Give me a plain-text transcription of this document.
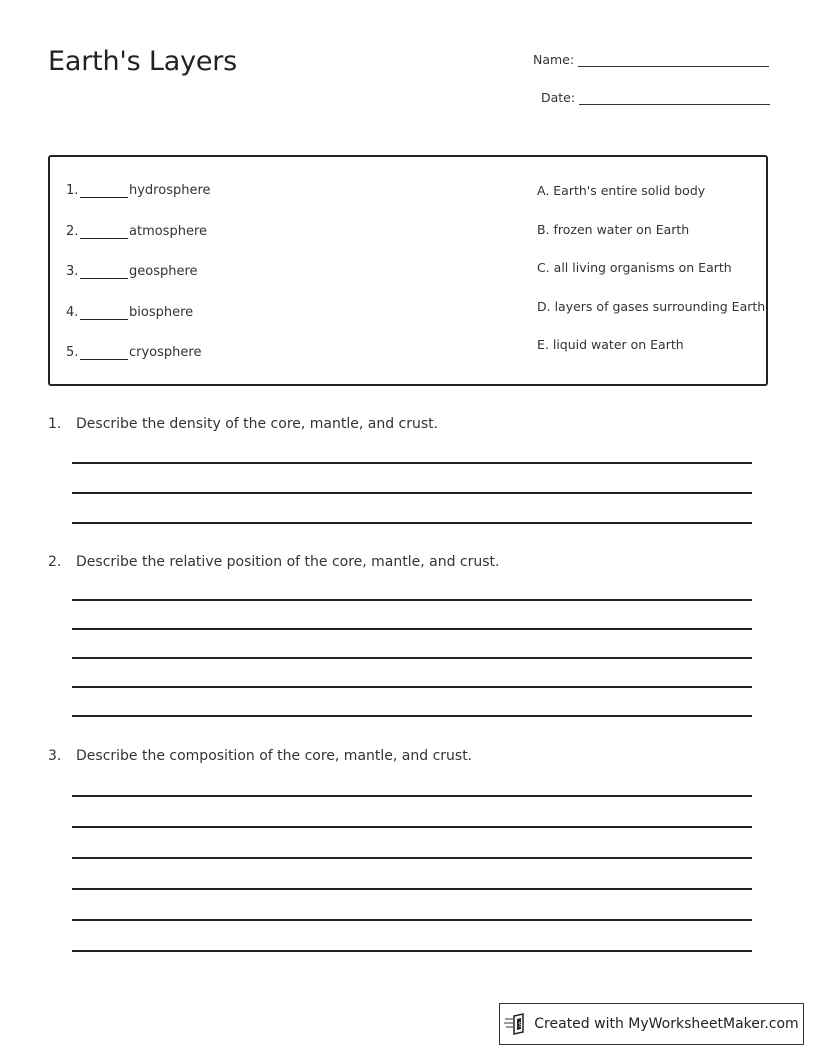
Earth's Layers	Name:
Date:
1.	hydrosphere
2.	atmosphere
3.	geosphere
4.	biosphere
5.	cryosphere
A. Earth's entire solid body
B. frozen water on Earth
C. all living organisms on Earth
D. layers of gases surrounding Earth
E. liquid water on Earth
1. Describe the density of the core, mantle, and crust.
2. Describe the relative position of the core, mantle, and crust.
3. Describe the composition of the core, mantle, and crust.
S Created with MyWorksheetMaker.com
